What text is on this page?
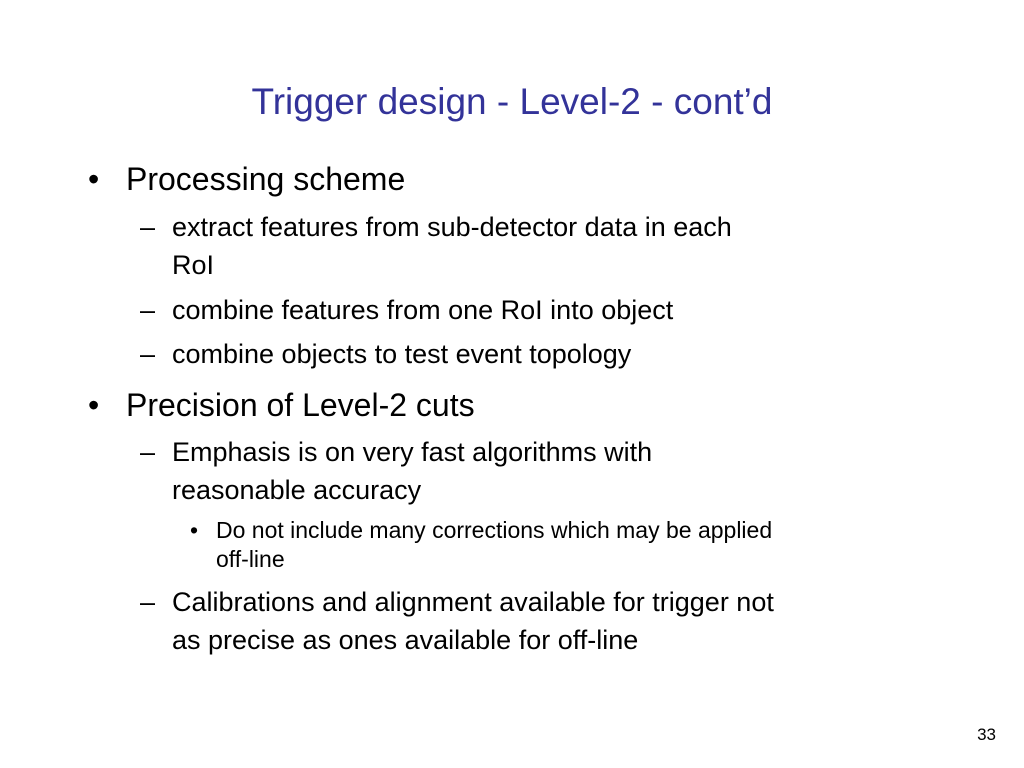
Trigger design - Level-2 - cont’d
• Processing scheme
– extract features from sub-detector data in each
RoI
– combine features from one RoI into object
– combine objects to test event topology
• Precision of Level-2 cuts
– Emphasis is on very fast algorithms with
reasonable accuracy
• Do not include many corrections which may be applied
off-line
– Calibrations and alignment available for trigger not
as precise as ones available for off-line
33
